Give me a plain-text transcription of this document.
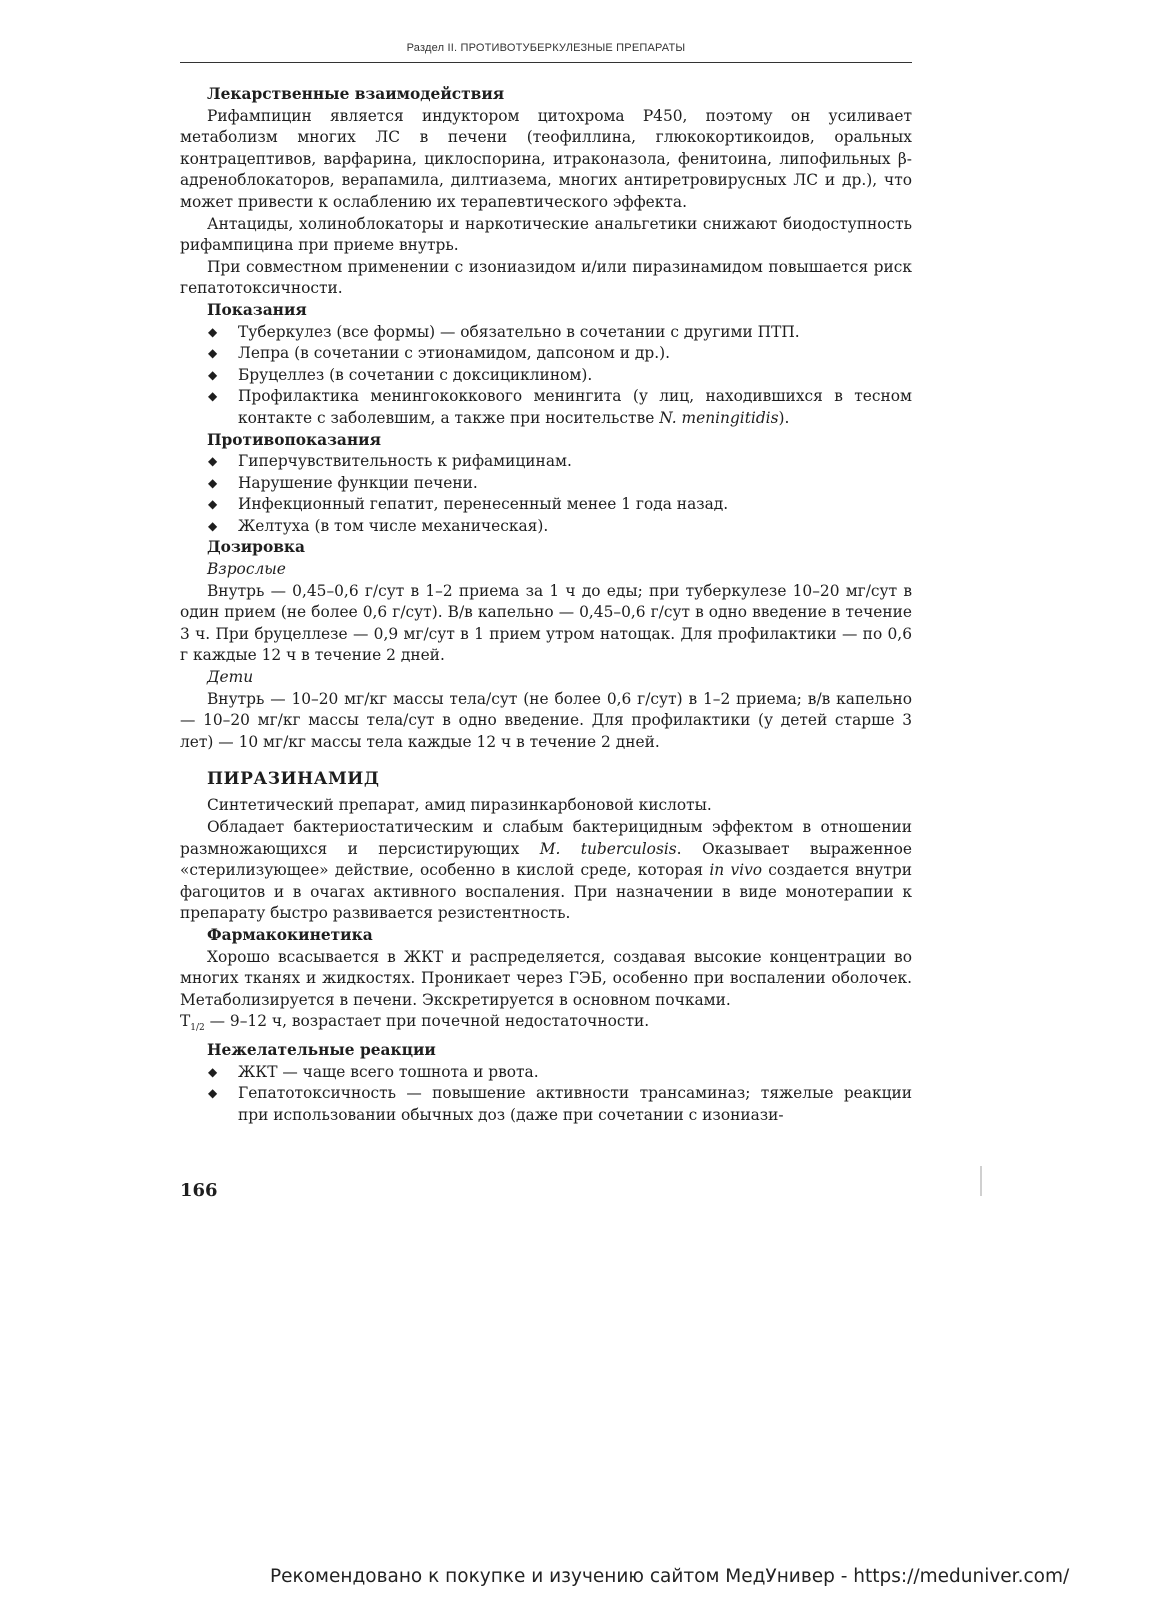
Раздел II. ПРОТИВОТУБЕРКУЛЕЗНЫЕ ПРЕПАРАТЫ
Лекарственные взаимодействия

Рифампицин является индуктором цитохрома P450, поэтому он усиливает метаболизм многих ЛС в печени (теофиллина, глюкокортикоидов, оральных контрацептивов, варфарина, циклоспорина, итраконазола, фенитоина, липофильных β-адреноблокаторов, верапамила, дилтиазема, многих антиретровирусных ЛС и др.), что может привести к ослаблению их терапевтического эффекта.

Антациды, холиноблокаторы и наркотические анальгетики снижают биодоступность рифампицина при приеме внутрь.

При совместном применении с изониазидом и/или пиразинамидом повышается риск гепатотоксичности.

Показания
◆ Туберкулез (все формы) — обязательно в сочетании с другими ПТП.
◆ Лепра (в сочетании с этионамидом, дапсоном и др.).
◆ Бруцеллез (в сочетании с доксициклином).
◆ Профилактика менингококкового менингита (у лиц, находившихся в тесном контакте с заболевшим, а также при носительстве N. meningitidis).
Противопоказания
◆ Гиперчувствительность к рифамицинам.
◆ Нарушение функции печени.
◆ Инфекционный гепатит, перенесенный менее 1 года назад.
◆ Желтуха (в том числе механическая).
Дозировка
Взрослые

Внутрь — 0,45–0,6 г/сут в 1–2 приема за 1 ч до еды; при туберкулезе 10–20 мг/сут в один прием (не более 0,6 г/сут). В/в капельно — 0,45–0,6 г/сут в одно введение в течение 3 ч. При бруцеллезе — 0,9 мг/сут в 1 прием утром натощак. Для профилактики — по 0,6 г каждые 12 ч в течение 2 дней.

Дети

Внутрь — 10–20 мг/кг массы тела/сут (не более 0,6 г/сут) в 1–2 приема; в/в капельно — 10–20 мг/кг массы тела/сут в одно введение. Для профилактики (у детей старше 3 лет) — 10 мг/кг массы тела каждые 12 ч в течение 2 дней.

ПИРАЗИНАМИД

Синтетический препарат, амид пиразинкарбоновой кислоты.

Обладает бактериостатическим и слабым бактерицидным эффектом в отношении размножающихся и персистирующих M. tuberculosis. Оказывает выраженное «стерилизующее» действие, особенно в кислой среде, которая in vivo создается внутри фагоцитов и в очагах активного воспаления. При назначении в виде монотерапии к препарату быстро развивается резистентность.

Фармакокинетика

Хорошо всасывается в ЖКТ и распределяется, создавая высокие концентрации во многих тканях и жидкостях. Проникает через ГЭБ, особенно при воспалении оболочек. Метаболизируется в печени. Экскретируется в основном почками.

$T_{1/2}$ — 9–12 ч, возрастает при почечной недостаточности.

Нежелательные реакции
◆ ЖКТ — чаще всего тошнота и рвота.
◆ Гепатотоксичность — повышение активности трансаминаз; тяжелые реакции при использовании обычных доз (даже при сочетании с изониази-
166
Рекомендовано к покупке и изучению сайтом МедУнивер - https://meduniver.com/
